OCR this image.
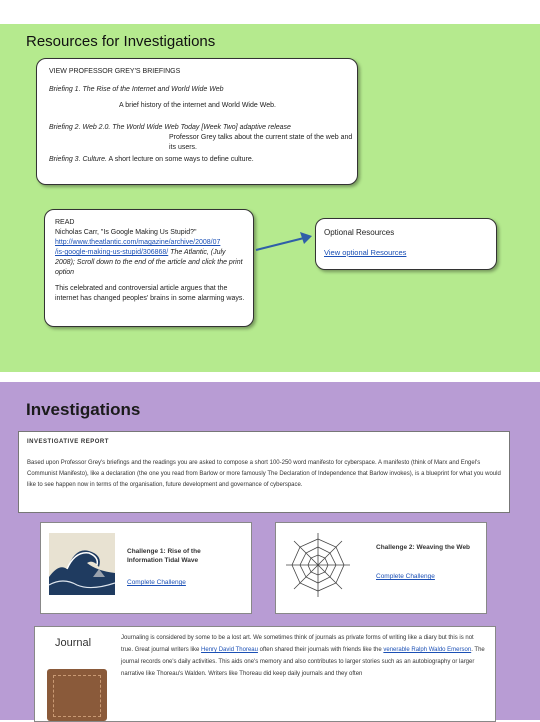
Resources for Investigations
VIEW PROFESSOR GREY'S BRIEFINGS
Briefing 1. The Rise of the Internet and World Wide Web
A brief history of the internet and World Wide Web.
Briefing 2. Web 2.0. The World Wide Web Today [Week Two] adaptive release
Professor Grey talks about the current state of the web and its users.
Briefing 3. Culture. A short lecture on some ways to define culture.
READ
Nicholas Carr, "Is Google Making Us Stupid?"
http://www.theatlantic.com/magazine/archive/2008/07
/is-google-making-us-stupid/306868/ The Atlantic, (July 2008); Scroll down to the end of the article and click the print option
This celebrated and controversial article argues that the internet has changed peoples' brains in some alarming ways.
Optional Resources
View optional Resources
Investigations
INVESTIGATIVE REPORT
Based upon Professor Grey's briefings and the readings you are asked to compose a short 100-250 word manifesto for cyberspace. A manifesto (think of Marx and Engel's Communist Manifesto), like a declaration (the one you read from Barlow or more famously The Declaration of Independence that Barlow invokes), is a blueprint for what you would like to see happen now in terms of the organisation, future development and governance of cyberspace.
Challenge 1: Rise of the Information Tidal Wave
Complete Challenge
Challenge 2: Weaving the Web
Complete Challenge
Journal	Journaling is considered by some to be a lost art. We sometimes think of journals as private forms of writing like a diary but this is not true. Great journal writers like Henry David Thoreau often shared their journals with friends like the venerable Ralph Waldo Emerson. The journal records one's daily activities. This aids one's memory and also contributes to larger stories such as an autobiography or larger narrative like Thoreau's Walden. Writers like Thoreau did keep daily journals and they often
